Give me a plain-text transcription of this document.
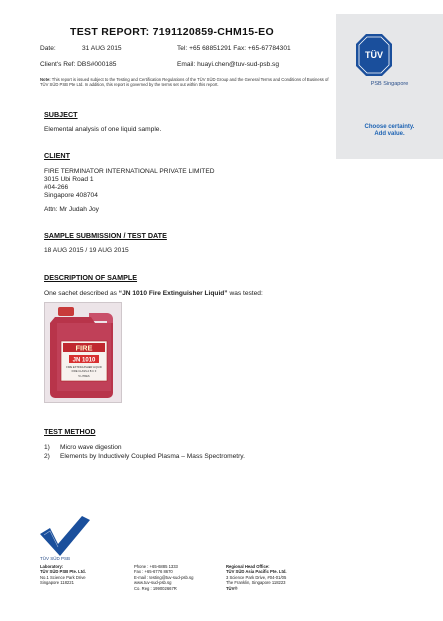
TÜV
PSB Singapore
Choose certainty.
Add value.
TEST REPORT: 7191120859-CHM15-EO
Date:	31 AUG 2015	Tel: +65 68851291 Fax: +65-67784301
Client's Ref: DBS#000185	Email: huayi.chen@tuv-sud-psb.sg
Note: This report is issued subject to the Testing and Certification Regulations of the TÜV SÜD Group and the General Terms and Conditions of Business of TÜV SÜD PSB Pte Ltd. In addition, this report is governed by the terms set out within this report.
SUBJECT
Elemental analysis of one liquid sample.
CLIENT
FIRE TERMINATOR INTERNATIONAL PRIVATE LIMITED
3015 Ubi Road 1
#04-266
Singapore 408704
Attn: Mr Judah Joy
SAMPLE SUBMISSION / TEST DATE
18 AUG 2015 / 19 AUG 2015
DESCRIPTION OF SAMPLE
One sachet described as “JN 1010 Fire Extinguisher Liquid” was tested:
FIRE
JN 1010
FIRE EXTINGUISHER LIQUID
FIRE CLASS A B C F
5 LITRES
TEST METHOD
1) Micro wave digestion
2) Elements by Inductively Coupled Plasma – Mass Spectrometry.
TÜV SÜD PSB
Laboratory:
TÜV SÜD PSB Pte. Ltd.
No.1 Science Park Drive
Singapore 118221
Phone : +65-6885 1333
Fax : +65-6776 8670
E-mail : testing@tuv-sud-psb.sg
www.tuv-sud-psb.sg
Co. Reg : 199002667R
Regional Head Office:
TÜV SÜD Asia Pacific Pte. Ltd.
3 Science Park Drive, #04-01/05
The Franklin, Singapore 118223
TÜV®
